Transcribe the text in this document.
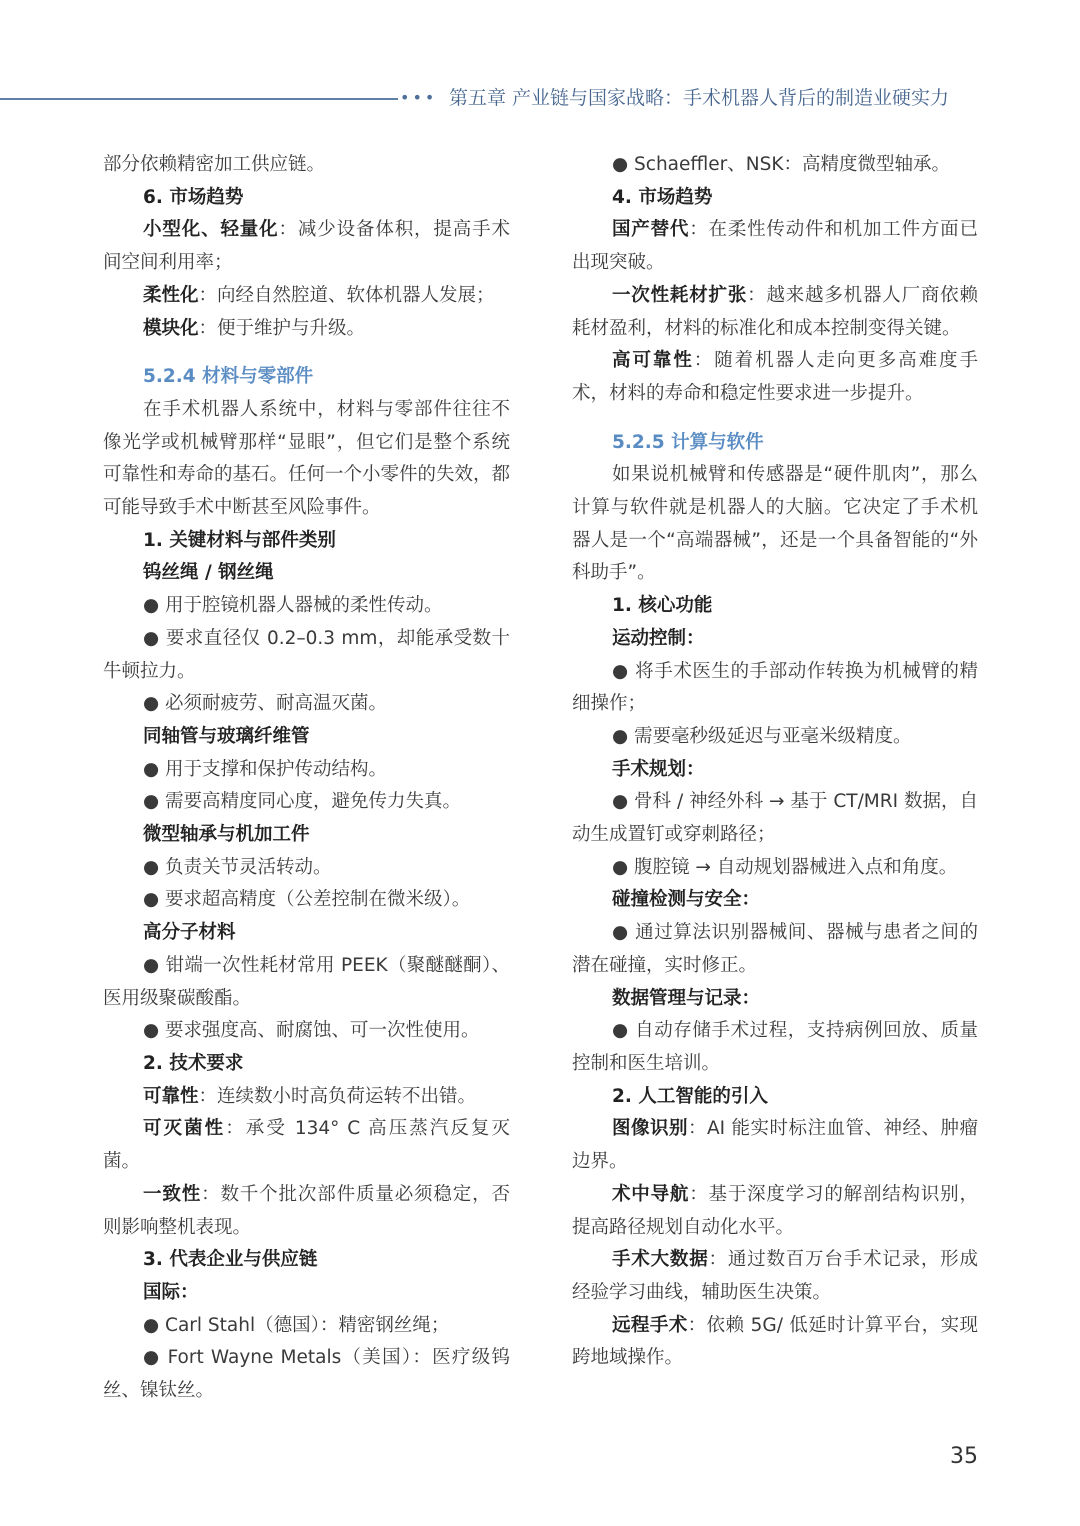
••• 第五章 产业链与国家战略：手术机器人背后的制造业硬实力

部分依赖精密加工供应链。

6. 市场趋势

小型化、轻量化：减少设备体积，提高手术间空间利用率；

柔性化：向经自然腔道、软体机器人发展；

模块化：便于维护与升级。

5.2.4 材料与零部件

在手术机器人系统中，材料与零部件往往不像光学或机械臂那样“显眼”，但它们是整个系统可靠性和寿命的基石。任何一个小零件的失效，都可能导致手术中断甚至风险事件。

1. 关键材料与部件类别

钨丝绳 / 钢丝绳

● 用于腔镜机器人器械的柔性传动。

● 要求直径仅 0.2–0.3 mm，却能承受数十牛顿拉力。

● 必须耐疲劳、耐高温灭菌。

同轴管与玻璃纤维管

● 用于支撑和保护传动结构。

● 需要高精度同心度，避免传力失真。

微型轴承与机加工件

● 负责关节灵活转动。

● 要求超高精度（公差控制在微米级）。

高分子材料

● 钳端一次性耗材常用 PEEK（聚醚醚酮）、医用级聚碳酸酯。

● 要求强度高、耐腐蚀、可一次性使用。

2. 技术要求

可靠性：连续数小时高负荷运转不出错。

可灭菌性：承受 134° C 高压蒸汽反复灭菌。

一致性：数千个批次部件质量必须稳定，否则影响整机表现。

3. 代表企业与供应链

国际：

● Carl Stahl（德国）：精密钢丝绳；

● Fort Wayne Metals（美国）：医疗级钨丝、镍钛丝。

● Schaeffler、NSK：高精度微型轴承。

4. 市场趋势

国产替代：在柔性传动件和机加工件方面已出现突破。

一次性耗材扩张：越来越多机器人厂商依赖耗材盈利，材料的标准化和成本控制变得关键。

高可靠性：随着机器人走向更多高难度手术，材料的寿命和稳定性要求进一步提升。

5.2.5 计算与软件

如果说机械臂和传感器是“硬件肌肉”，那么 计算与软件就是机器人的大脑。它决定了手术机器人是一个“高端器械”，还是一个具备智能的“外科助手”。

1. 核心功能

运动控制：

● 将手术医生的手部动作转换为机械臂的精细操作；

● 需要毫秒级延迟与亚毫米级精度。

手术规划：

● 骨科 / 神经外科 → 基于 CT/MRI 数据，自动生成置钉或穿刺路径；

● 腹腔镜 → 自动规划器械进入点和角度。

碰撞检测与安全：

● 通过算法识别器械间、器械与患者之间的潜在碰撞，实时修正。

数据管理与记录：

● 自动存储手术过程，支持病例回放、质量控制和医生培训。

2. 人工智能的引入

图像识别：AI 能实时标注血管、神经、肿瘤边界。

术中导航：基于深度学习的解剖结构识别，提高路径规划自动化水平。

手术大数据：通过数百万台手术记录，形成经验学习曲线，辅助医生决策。

远程手术：依赖 5G/ 低延时计算平台，实现跨地域操作。

35
